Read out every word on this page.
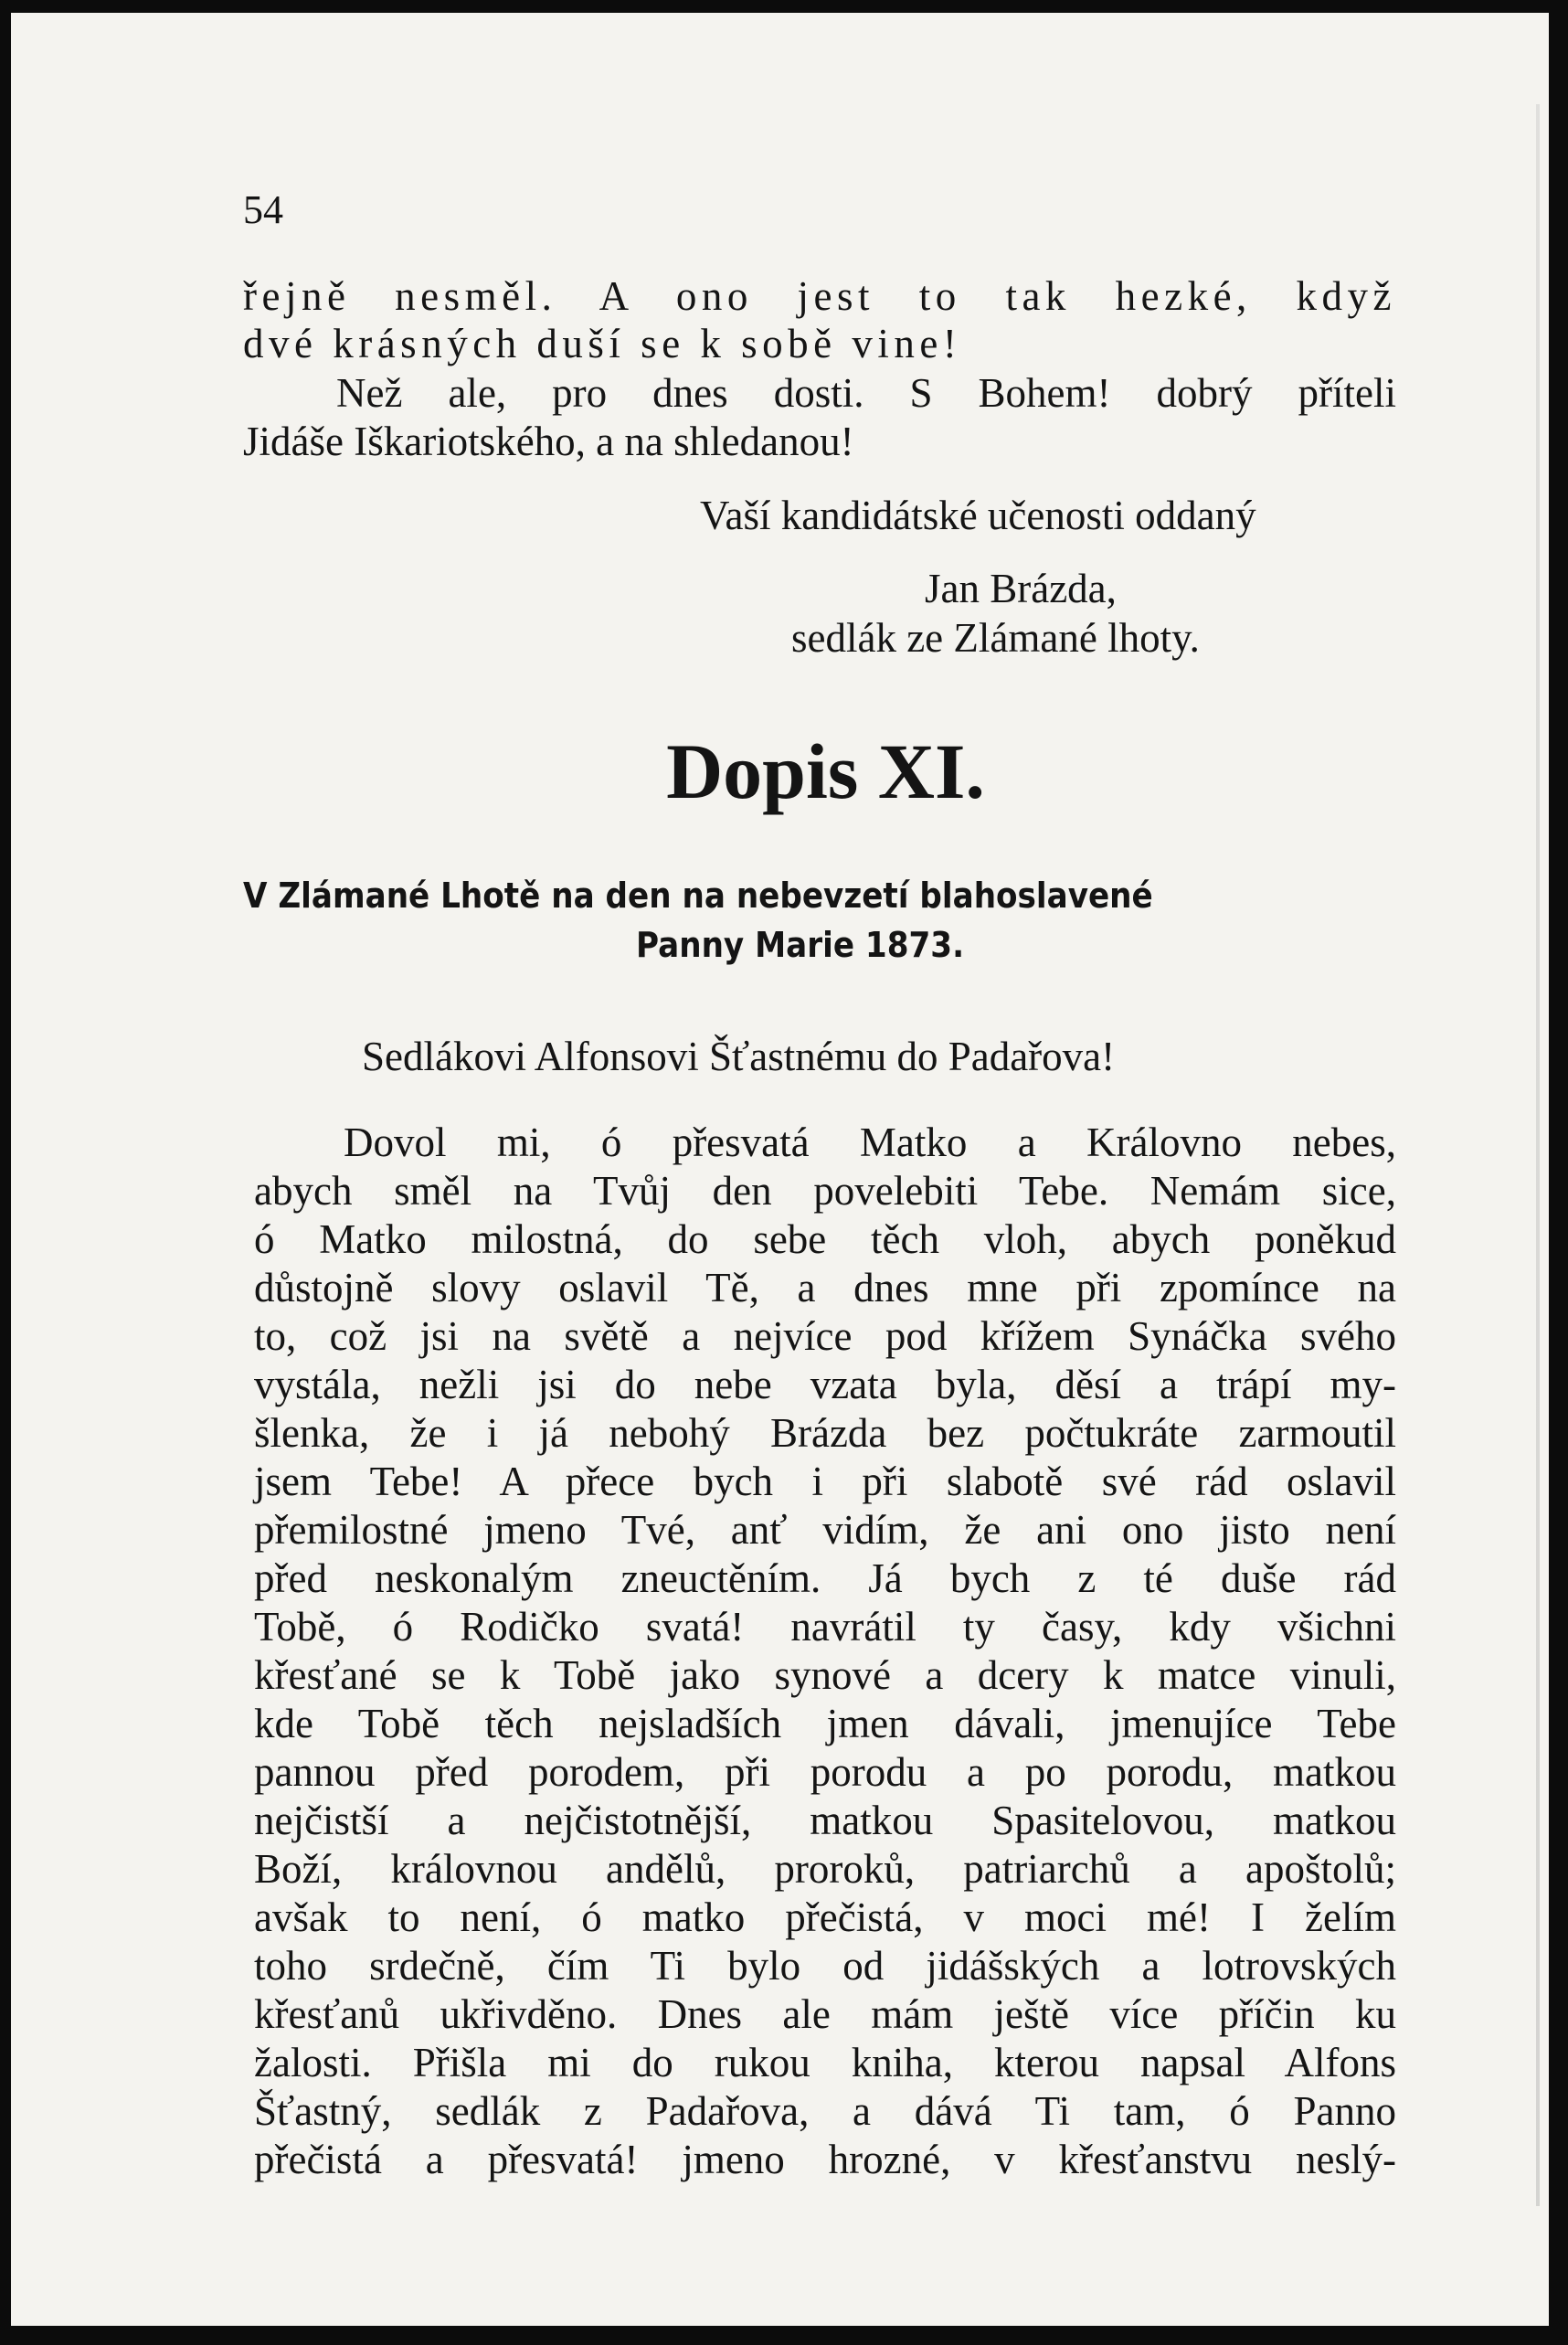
54
řejně nesměl. A ono jest to tak hezké, když
dvé krásných duší se k sobě vine!
Než ale, pro dnes dosti. S Bohem! dobrý příteli
Jidáše Iškariotského, a na shledanou!
Vaší kandidátské učenosti oddaný
Jan Brázda,
sedlák ze Zlámané lhoty.
Dopis XI.
V Zlámané Lhotě na den na nebevzetí blahoslavené
Panny Marie 1873.
Sedlákovi Alfonsovi Šťastnému do Padařova!
Dovol mi, ó přesvatá Matko a Královno nebes,
abych směl na Tvůj den povelebiti Tebe. Nemám sice,
ó Matko milostná, do sebe těch vloh, abych poněkud
důstojně slovy oslavil Tě, a dnes mne při zpomínce na
to, což jsi na světě a nejvíce pod křížem Synáčka svého
vystála, nežli jsi do nebe vzata byla, děsí a trápí my-
šlenka, že i já nebohý Brázda bez počtukráte zarmoutil
jsem Tebe! A přece bych i při slabotě své rád oslavil
přemilostné jmeno Tvé, anť vidím, že ani ono jisto není
před neskonalým zneuctěním. Já bych z té duše rád
Tobě, ó Rodičko svatá! navrátil ty časy, kdy všichni
křesťané se k Tobě jako synové a dcery k matce vinuli,
kde Tobě těch nejsladších jmen dávali, jmenujíce Tebe
pannou před porodem, při porodu a po porodu, matkou
nejčistší a nejčistotnější, matkou Spasitelovou, matkou
Boží, královnou andělů, proroků, patriarchů a apoštolů;
avšak to není, ó matko přečistá, v moci mé! I želím
toho srdečně, čím Ti bylo od jidášských a lotrovských
křesťanů ukřivděno. Dnes ale mám ještě více příčin ku
žalosti. Přišla mi do rukou kniha, kterou napsal Alfons
Šťastný, sedlák z Padařova, a dává Ti tam, ó Panno
přečistá a přesvatá! jmeno hrozné, v křesťanstvu neslý-
